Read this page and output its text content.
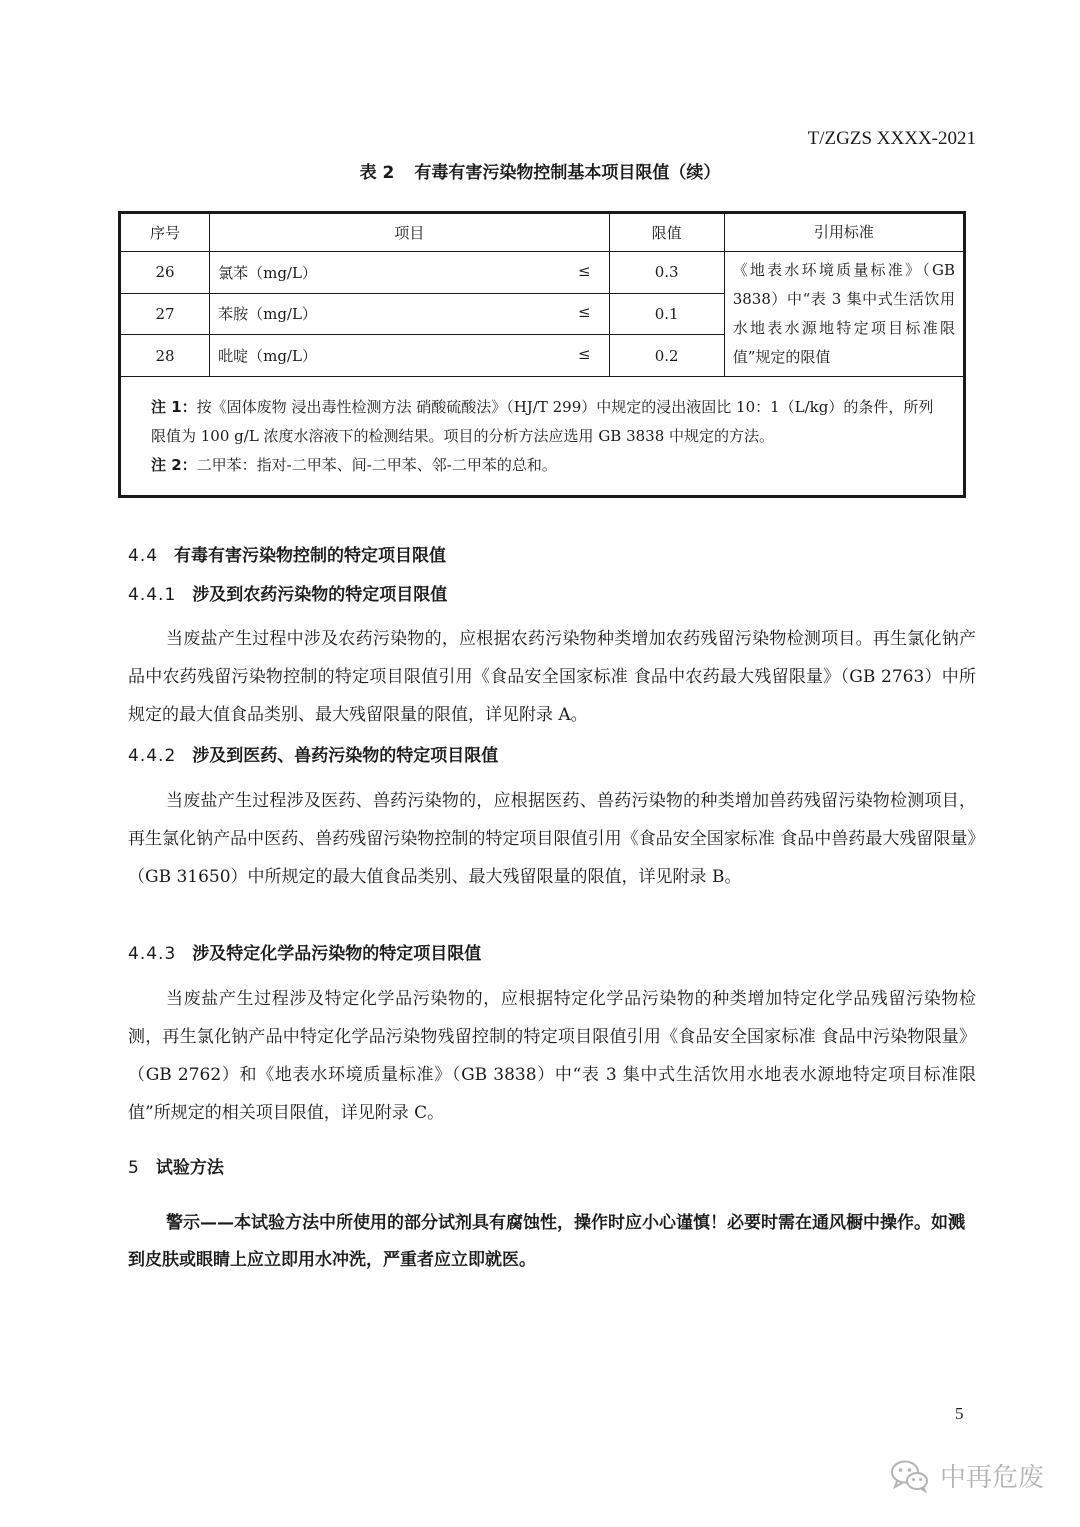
T/ZGZS XXXX-2021
表 2 有毒有害污染物控制基本项目限值（续）
序号	项目	限值	引用标准
26	氯苯（mg/L） ≤	0.3	《地表水环境质量标准》（GB 3838）中“表 3 集中式生活饮用水地表水源地特定项目标准限值”规定的限值
27	苯胺（mg/L） ≤	0.1	
28	吡啶（mg/L） ≤	0.2	

注 1：按《固体废物 浸出毒性检测方法 硝酸硫酸法》（HJ/T 299）中规定的浸出液固比 10：1（L/kg）的条件，所列限值为 100 g/L 浓度水溶液下的检测结果。项目的分析方法应选用 GB 3838 中规定的方法。
注 2：二甲苯：指对-二甲苯、间-二甲苯、邻-二甲苯的总和。			
4.4 有毒有害污染物控制的特定项目限值
4.4.1 涉及到农药污染物的特定项目限值
当废盐产生过程中涉及农药污染物的，应根据农药污染物种类增加农药残留污染物检测项目。再生氯化钠产品中农药残留污染物控制的特定项目限值引用《食品安全国家标准 食品中农药最大残留限量》（GB 2763）中所规定的最大值食品类别、最大残留限量的限值，详见附录 A。
4.4.2 涉及到医药、兽药污染物的特定项目限值
当废盐产生过程涉及医药、兽药污染物的，应根据医药、兽药污染物的种类增加兽药残留污染物检测项目，再生氯化钠产品中医药、兽药残留污染物控制的特定项目限值引用《食品安全国家标准 食品中兽药最大残留限量》（GB 31650）中所规定的最大值食品类别、最大残留限量的限值，详见附录 B。
4.4.3 涉及特定化学品污染物的特定项目限值
当废盐产生过程涉及特定化学品污染物的，应根据特定化学品污染物的种类增加特定化学品残留污染物检测，再生氯化钠产品中特定化学品污染物残留控制的特定项目限值引用《食品安全国家标准 食品中污染物限量》（GB 2762）和《地表水环境质量标准》（GB 3838）中“表 3 集中式生活饮用水地表水源地特定项目标准限值”所规定的相关项目限值，详见附录 C。
5 试验方法
警示——本试验方法中所使用的部分试剂具有腐蚀性，操作时应小心谨慎！必要时需在通风橱中操作。如溅到皮肤或眼睛上应立即用水冲洗，严重者应立即就医。
5
中再危废
